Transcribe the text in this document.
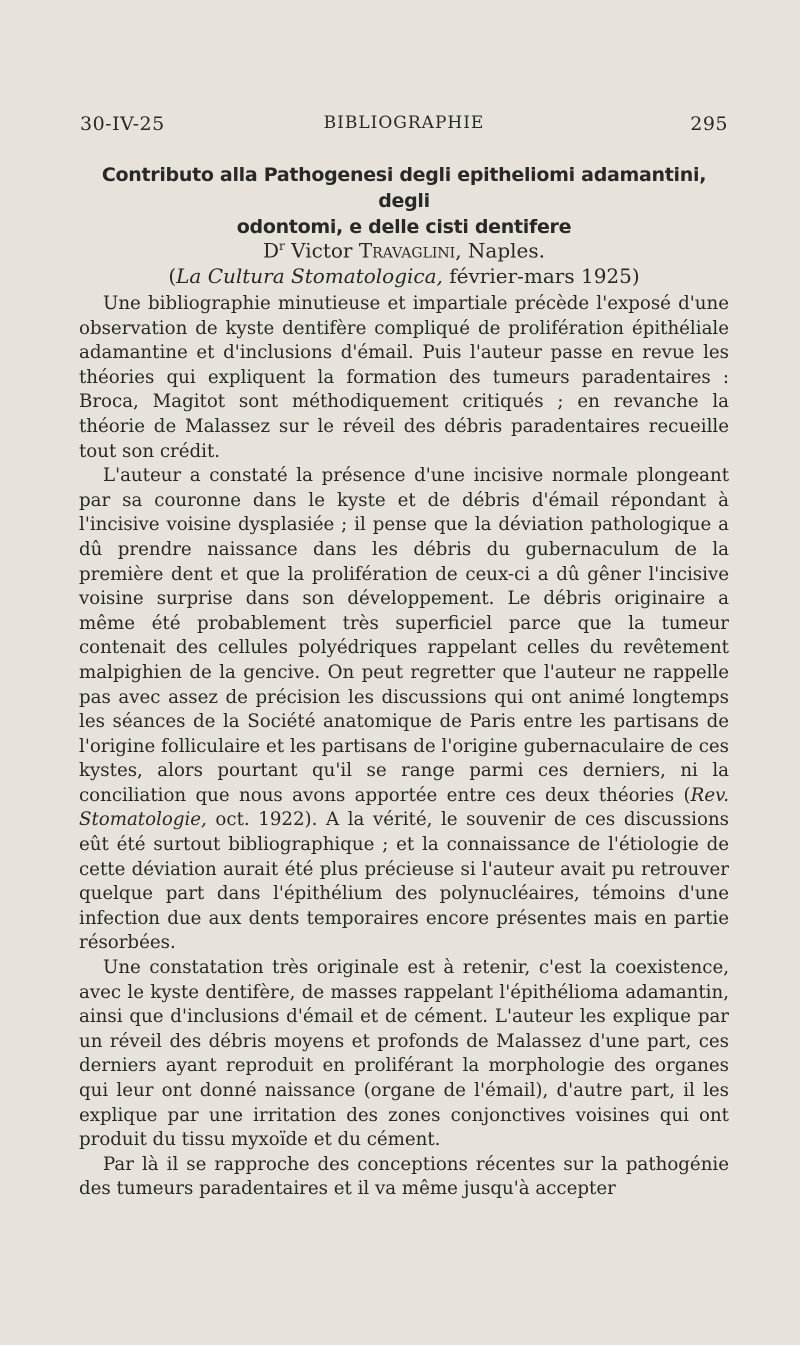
30-IV-25	BIBLIOGRAPHIE	295
Contributo alla Pathogenesi degli epitheliomi adamantini, degli
odontomi, e delle cisti dentifere
$D^r$ Victor Travaglini, Naples.
(La Cultura Stomatologica, février-mars 1925)

Une bibliographie minutieuse et impartiale précède l'exposé d'une observation de kyste dentifère compliqué de prolifération épithéliale adamantine et d'inclusions d'émail. Puis l'auteur passe en revue les théories qui expliquent la formation des tumeurs paradentaires : Broca, Magitot sont méthodiquement critiqués ; en revanche la théorie de Malassez sur le réveil des débris paradentaires recueille tout son crédit.

L'auteur a constaté la présence d'une incisive normale plongeant par sa couronne dans le kyste et de débris d'émail répondant à l'incisive voisine dysplasiée ; il pense que la déviation pathologique a dû prendre naissance dans les débris du gubernaculum de la première dent et que la prolifération de ceux-ci a dû gêner l'incisive voisine surprise dans son développement. Le débris originaire a même été probablement très superficiel parce que la tumeur contenait des cellules polyédriques rappelant celles du revêtement malpighien de la gencive. On peut regretter que l'auteur ne rappelle pas avec assez de précision les discussions qui ont animé longtemps les séances de la Société anatomique de Paris entre les partisans de l'origine folliculaire et les partisans de l'origine gubernaculaire de ces kystes, alors pourtant qu'il se range parmi ces derniers, ni la conciliation que nous avons apportée entre ces deux théories (Rev. Stomatologie, oct. 1922). A la vérité, le souvenir de ces discussions eût été surtout bibliographique ; et la connaissance de l'étiologie de cette déviation aurait été plus précieuse si l'auteur avait pu retrouver quelque part dans l'épithélium des polynucléaires, témoins d'une infection due aux dents temporaires encore présentes mais en partie résorbées.

Une constatation très originale est à retenir, c'est la coexistence, avec le kyste dentifère, de masses rappelant l'épithélioma adamantin, ainsi que d'inclusions d'émail et de cément. L'auteur les explique par un réveil des débris moyens et profonds de Malassez d'une part, ces derniers ayant reproduit en proliférant la morphologie des organes qui leur ont donné naissance (organe de l'émail), d'autre part, il les explique par une irritation des zones conjonctives voisines qui ont produit du tissu myxoïde et du cément.

Par là il se rapproche des conceptions récentes sur la pathogénie des tumeurs paradentaires et il va même jusqu'à accepter
